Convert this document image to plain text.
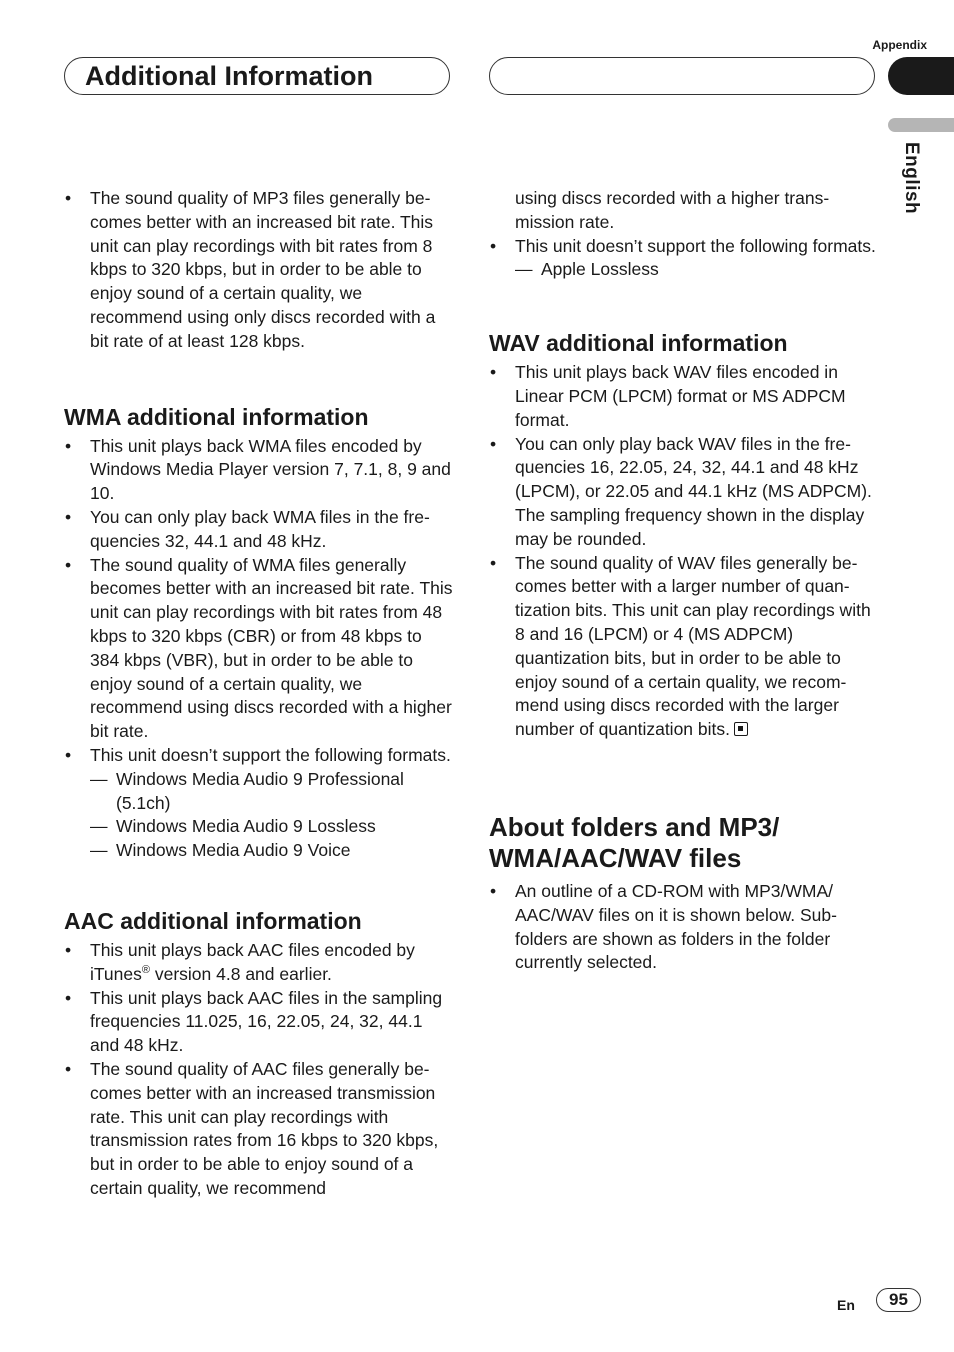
Appendix
Additional Information
English
• The sound quality of MP3 files generally becomes better with an increased bit rate. This unit can play recordings with bit rates from 8 kbps to 320 kbps, but in order to be able to enjoy sound of a certain quality, we recommend using only discs recorded with a bit rate of at least 128 kbps.
WMA additional information
• This unit plays back WMA files encoded by Windows Media Player version 7, 7.1, 8, 9 and 10.
• You can only play back WMA files in the frequencies 32, 44.1 and 48 kHz.
• The sound quality of WMA files generally becomes better with an increased bit rate. This unit can play recordings with bit rates from 48 kbps to 320 kbps (CBR) or from 48 kbps to 384 kbps (VBR), but in order to be able to enjoy sound of a certain quality, we recommend using discs recorded with a higher bit rate.
• This unit doesn’t support the following formats.
— Windows Media Audio 9 Professional (5.1ch)
— Windows Media Audio 9 Lossless
— Windows Media Audio 9 Voice
AAC additional information
• This unit plays back AAC files encoded by iTunes® version 4.8 and earlier.
• This unit plays back AAC files in the sampling frequencies 11.025, 16, 22.05, 24, 32, 44.1 and 48 kHz.
• The sound quality of AAC files generally becomes better with an increased transmission rate. This unit can play recordings with transmission rates from 16 kbps to 320 kbps, but in order to be able to enjoy sound of a certain quality, we recommend
using discs recorded with a higher transmission rate.
• This unit doesn’t support the following formats.
— Apple Lossless
WAV additional information
• This unit plays back WAV files encoded in Linear PCM (LPCM) format or MS ADPCM format.
• You can only play back WAV files in the frequencies 16, 22.05, 24, 32, 44.1 and 48 kHz (LPCM), or 22.05 and 44.1 kHz (MS ADPCM). The sampling frequency shown in the display may be rounded.
• The sound quality of WAV files generally becomes better with a larger number of quantization bits. This unit can play recordings with 8 and 16 (LPCM) or 4 (MS ADPCM) quantization bits, but in order to be able to enjoy sound of a certain quality, we recommend using discs recorded with the larger number of quantization bits.
About folders and MP3/ WMA/AAC/WAV files
• An outline of a CD-ROM with MP3/WMA/ AAC/WAV files on it is shown below. Subfolders are shown as folders in the folder currently selected.
En	95
